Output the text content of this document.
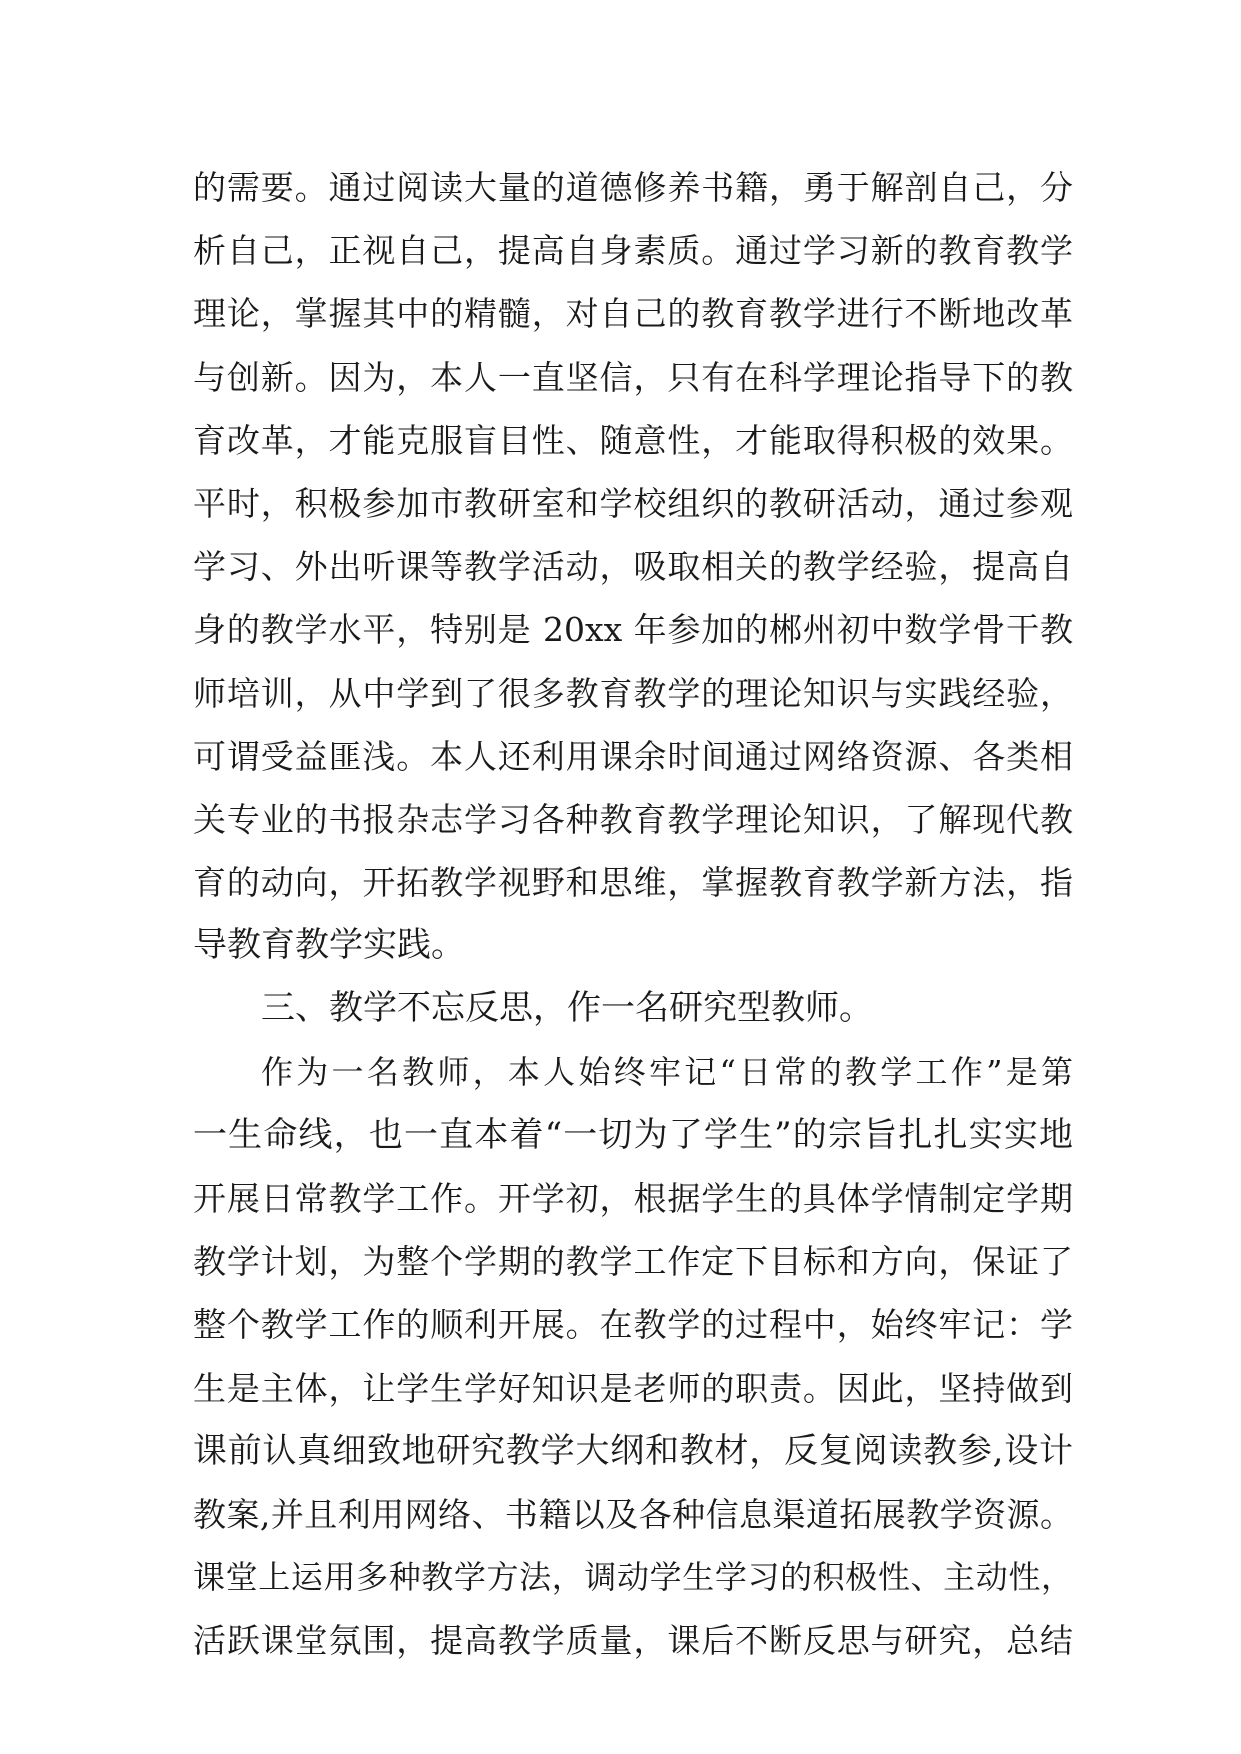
的需要。通过阅读大量的道德修养书籍，勇于解剖自己，分
析自己，正视自己，提高自身素质。通过学习新的教育教学
理论，掌握其中的精髓，对自己的教育教学进行不断地改革
与创新。因为，本人一直坚信，只有在科学理论指导下的教
育改革，才能克服盲目性、随意性，才能取得积极的效果。
平时，积极参加市教研室和学校组织的教研活动，通过参观
学习、外出听课等教学活动，吸取相关的教学经验，提高自
身的教学水平，特别是 20xx 年参加的郴州初中数学骨干教
师培训，从中学到了很多教育教学的理论知识与实践经验，
可谓受益匪浅。本人还利用课余时间通过网络资源、各类相
关专业的书报杂志学习各种教育教学理论知识，了解现代教
育的动向，开拓教学视野和思维，掌握教育教学新方法，指
导教育教学实践。
三、教学不忘反思，作一名研究型教师。
作为一名教师，本人始终牢记“日常的教学工作”是第
一生命线，也一直本着“一切为了学生”的宗旨扎扎实实地
开展日常教学工作。开学初，根据学生的具体学情制定学期
教学计划，为整个学期的教学工作定下目标和方向，保证了
整个教学工作的顺利开展。在教学的过程中，始终牢记：学
生是主体，让学生学好知识是老师的职责。因此，坚持做到
课前认真细致地研究教学大纲和教材，反复阅读教参,设计
教案,并且利用网络、书籍以及各种信息渠道拓展教学资源。
课堂上运用多种教学方法，调动学生学习的积极性、主动性，
活跃课堂氛围，提高教学质量，课后不断反思与研究，总结
